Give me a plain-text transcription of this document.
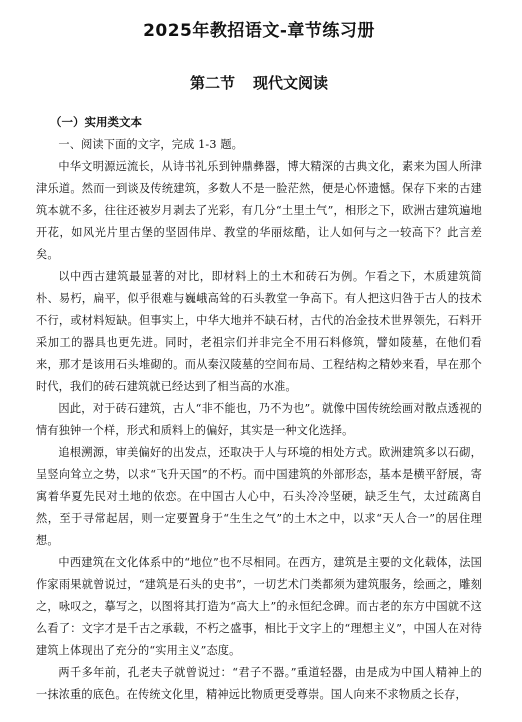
2025年教招语文-章节练习册
第二节 现代文阅读
（一）实用类文本

一、阅读下面的文字，完成 1-3 题。

中华文明源远流长，从诗书礼乐到钟鼎彝器，博大精深的古典文化，素来为国人所津津乐道。然而一到谈及传统建筑，多数人不是一脸茫然，便是心怀遗憾。保存下来的古建筑本就不多，往往还被岁月剥去了光彩，有几分“土里土气”，相形之下，欧洲古建筑遍地开花，如风光片里古堡的坚固伟岸、教堂的华丽炫酷，让人如何与之一较高下？此言差矣。

以中西古建筑最显著的对比，即材料上的土木和砖石为例。乍看之下，木质建筑简朴、易朽，扁平，似乎很难与巍峨高耸的石头教堂一争高下。有人把这归咎于古人的技术不行，或材料短缺。但事实上，中华大地并不缺石材，古代的冶金技术世界领先，石料开采加工的器具也更先进。同时，老祖宗们并非完全不用石料修筑，譬如陵墓，在他们看来，那才是该用石头堆砌的。而从秦汉陵墓的空间布局、工程结构之精妙来看，早在那个时代，我们的砖石建筑就已经达到了相当高的水准。

因此，对于砖石建筑，古人“非不能也，乃不为也”。就像中国传统绘画对散点透视的情有独钟一个样，形式和质料上的偏好，其实是一种文化选择。

追根溯源，审美偏好的出发点，还取决于人与环境的相处方式。欧洲建筑多以石砌，呈竖向耸立之势，以求“飞升天国”的不朽。而中国建筑的外部形态，基本是横平舒展，寄寓着华夏先民对土地的依恋。在中国古人心中，石头冷冷坚硬，缺乏生气，太过疏离自然，至于寻常起居，则一定要置身于“生生之气”的土木之中，以求“天人合一”的居住理想。

中西建筑在文化体系中的“地位”也不尽相同。在西方，建筑是主要的文化载体，法国作家雨果就曾说过，“建筑是石头的史书”，一切艺术门类都须为建筑服务，绘画之，雕刻之，咏叹之，摹写之，以图将其打造为“高大上”的永恒纪念碑。而古老的东方中国就不这么看了：文字才是千古之承载，不朽之盛事，相比于文字上的“理想主义”，中国人在对待建筑上体现出了充分的“实用主义”态度。

两千多年前，孔老夫子就曾说过：“君子不器。”重道轻器，由是成为中国人精神上的一抹浓重的底色。在传统文化里，精神远比物质更受尊崇。国人向来不求物质之长存，
